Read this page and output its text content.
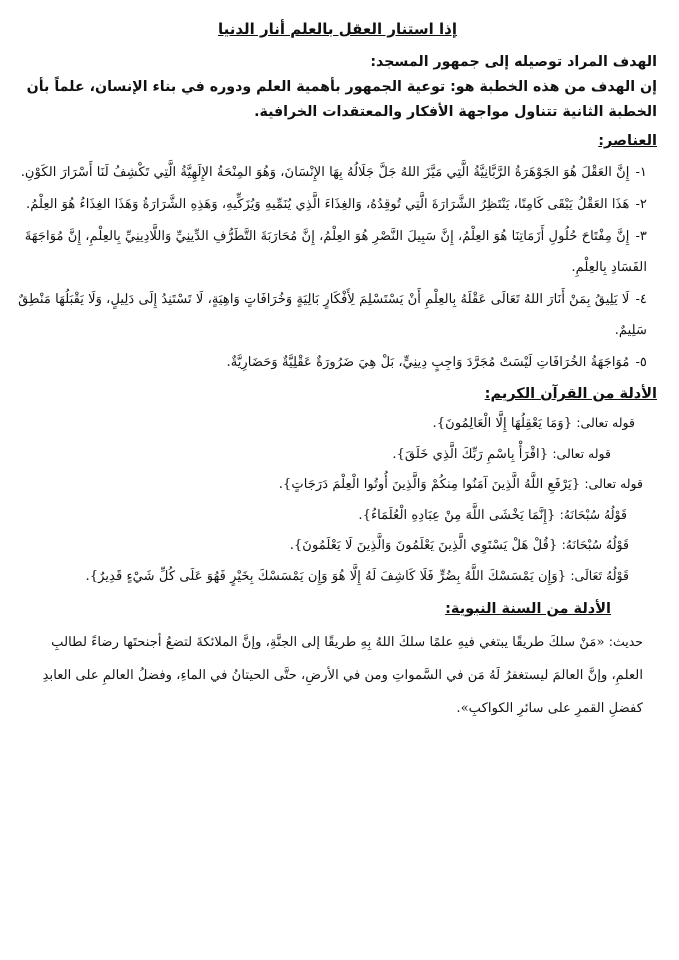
إذا استنار العقل بالعلم أنار الدنيا
الهدف المراد توصيله إلى جمهور المسجد:
إن الهدف من هذه الخطبة هو: توعية الجمهور بأهمية العلم ودوره في بناء الإنسان، علماً بأن الخطبة الثانية تتناول مواجهة الأفكار والمعتقدات الخرافية.
العناصر:
١-إِنَّ العَقْلَ هُوَ الجَوْهَرَةُ الرَّبَّانِيَّةُ الَّتِي مَيَّزَ اللهُ جَلَّ جَلَالُهُ بِهَا الإِنْسَانَ، وَهُوَ المِنْحَةُ الإِلَهِيَّةُ الَّتِي تَكْشِفُ لَنَا أَسْرَارَ الكَوْنِ.
٢-هَذَا العَقْلُ يَبْقَى كَامِنًا، يَنْتَظِرُ الشَّرَارَةَ الَّتِي تُوقِدُهُ، وَالغِذَاءَ الَّذِي يُنَمِّيهِ وَيُزَكِّيهِ، وَهَذِهِ الشَّرَارَةُ وَهَذَا الغِذَاءُ هُوَ العِلْمُ.
٣-إِنَّ مِفْتَاحَ حُلُولِ أَزَمَاتِنَا هُوَ العِلْمُ، إِنَّ سَبِيلَ النَّصْرِ هُوَ العِلْمُ، إِنَّ مُحَارَبَةَ التَّطَرُّفِ الدِّينِيِّ وَاللَّادِينِيِّ بِالعِلْمِ، إِنَّ مُوَاجَهَةَ الفَسَادِ بِالعِلْمِ.
٤-لَا يَلِيقُ بِمَنْ أَنَارَ اللهُ تَعَالَى عَقْلَهُ بِالعِلْمِ أَنْ يَسْتَسْلِمَ لِأَفْكَارٍ بَالِيَةٍ وَخُرَافَاتٍ وَاهِيَةٍ، لَا تَسْتَنِدُ إِلَى دَلِيلٍ، وَلَا يَقْبَلُهَا مَنْطِقٌ سَلِيمٌ.
٥-مُوَاجَهَةُ الخُرَافَاتِ لَيْسَتْ مُجَرَّدَ وَاجِبٍ دِينِيٍّ، بَلْ هِيَ ضَرُورَةٌ عَقْلِيَّةٌ وَحَضَارِيَّةٌ.
الأدلة من القرآن الكريم:
قوله تعالى: {وَمَا يَعْقِلُهَا إِلَّا الْعَالِمُونَ}.
قوله تعالى: {اقْرَأْ بِاسْمِ رَبِّكَ الَّذِي خَلَقَ}.
قوله تعالى: {يَرْفَعِ اللَّهُ الَّذِينَ آمَنُوا مِنكُمْ وَالَّذِينَ أُوتُوا الْعِلْمَ دَرَجَاتٍ}.
قَوْلُهُ سُبْحَانَهُ: {إِنَّمَا يَخْشَى اللَّهَ مِنْ عِبَادِهِ الْعُلَمَاءُ}.
قَوْلُهُ سُبْحَانَهُ: {قُلْ هَلْ يَسْتَوِي الَّذِينَ يَعْلَمُونَ وَالَّذِينَ لَا يَعْلَمُونَ}.
قَوْلُهُ تَعَالَى: {وَإِن يَمْسَسْكَ اللَّهُ بِضُرٍّ فَلَا كَاشِفَ لَهُ إِلَّا هُوَ وَإِن يَمْسَسْكَ بِخَيْرٍ فَهُوَ عَلَى كُلِّ شَيْءٍ قَدِيرٌ}.
الأدلة من السنة النبوية:
حديث: «مَنْ سلكَ طريقًا يبتغي فيهِ علمًا سلكَ اللهُ بِهِ طريقًا إلى الجنَّةِ، وإنَّ الملائكةَ لتضعُ أجنحتَها رضاءً لطالبِ العلمِ، وإنَّ العالمَ ليستغفرُ لَهُ مَن في السَّمواتِ ومن في الأرضِ، حتَّى الحيتانُ في الماءِ، وفضلُ العالمِ على العابدِ كفضلِ القمرِ على سائرِ الكواكبِ».
